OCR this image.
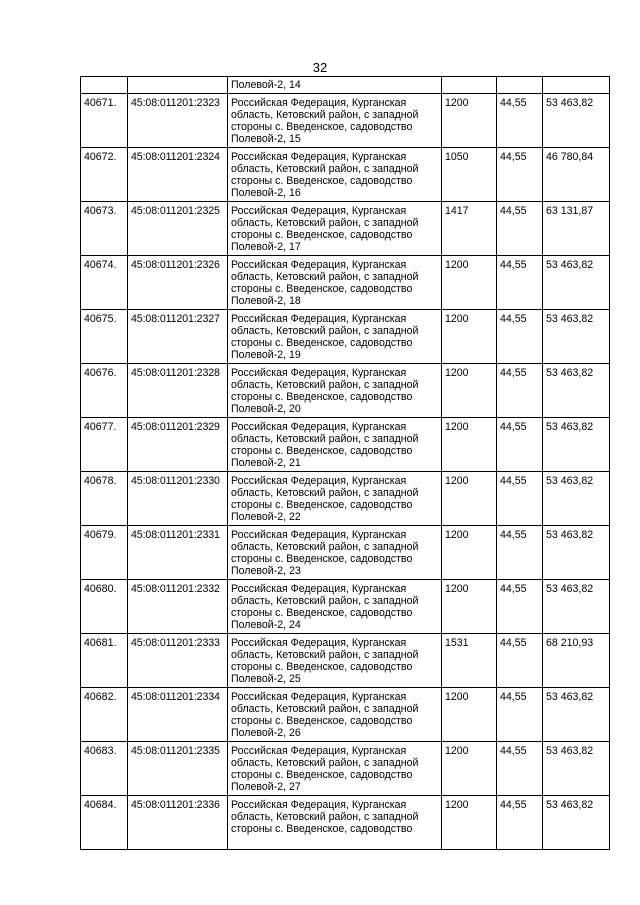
32
		Полевой-2, 14			
40671.	45:08:011201:2323	Российская Федерация, Курганская область, Кетовский район, с западной стороны с. Введенское, садоводство Полевой-2, 15	1200	44,55	53 463,82
40672.	45:08:011201:2324	Российская Федерация, Курганская область, Кетовский район, с западной стороны с. Введенское, садоводство Полевой-2, 16	1050	44,55	46 780,84
40673.	45:08:011201:2325	Российская Федерация, Курганская область, Кетовский район, с западной стороны с. Введенское, садоводство Полевой-2, 17	1417	44,55	63 131,87
40674.	45:08:011201:2326	Российская Федерация, Курганская область, Кетовский район, с западной стороны с. Введенское, садоводство Полевой-2, 18	1200	44,55	53 463,82
40675.	45:08:011201:2327	Российская Федерация, Курганская область, Кетовский район, с западной стороны с. Введенское, садоводство Полевой-2, 19	1200	44,55	53 463,82
40676.	45:08:011201:2328	Российская Федерация, Курганская область, Кетовский район, с западной стороны с. Введенское, садоводство Полевой-2, 20	1200	44,55	53 463,82
40677.	45:08:011201:2329	Российская Федерация, Курганская область, Кетовский район, с западной стороны с. Введенское, садоводство Полевой-2, 21	1200	44,55	53 463,82
40678.	45:08:011201:2330	Российская Федерация, Курганская область, Кетовский район, с западной стороны с. Введенское, садоводство Полевой-2, 22	1200	44,55	53 463,82
40679.	45:08:011201:2331	Российская Федерация, Курганская область, Кетовский район, с западной стороны с. Введенское, садоводство Полевой-2, 23	1200	44,55	53 463,82
40680.	45:08:011201:2332	Российская Федерация, Курганская область, Кетовский район, с западной стороны с. Введенское, садоводство Полевой-2, 24	1200	44,55	53 463,82
40681.	45:08:011201:2333	Российская Федерация, Курганская область, Кетовский район, с западной стороны с. Введенское, садоводство Полевой-2, 25	1531	44,55	68 210,93
40682.	45:08:011201:2334	Российская Федерация, Курганская область, Кетовский район, с западной стороны с. Введенское, садоводство Полевой-2, 26	1200	44,55	53 463,82
40683.	45:08:011201:2335	Российская Федерация, Курганская область, Кетовский район, с западной стороны с. Введенское, садоводство Полевой-2, 27	1200	44,55	53 463,82
40684.	45:08:011201:2336	Российская Федерация, Курганская область, Кетовский район, с западной стороны с. Введенское, садоводство	1200	44,55	53 463,82
